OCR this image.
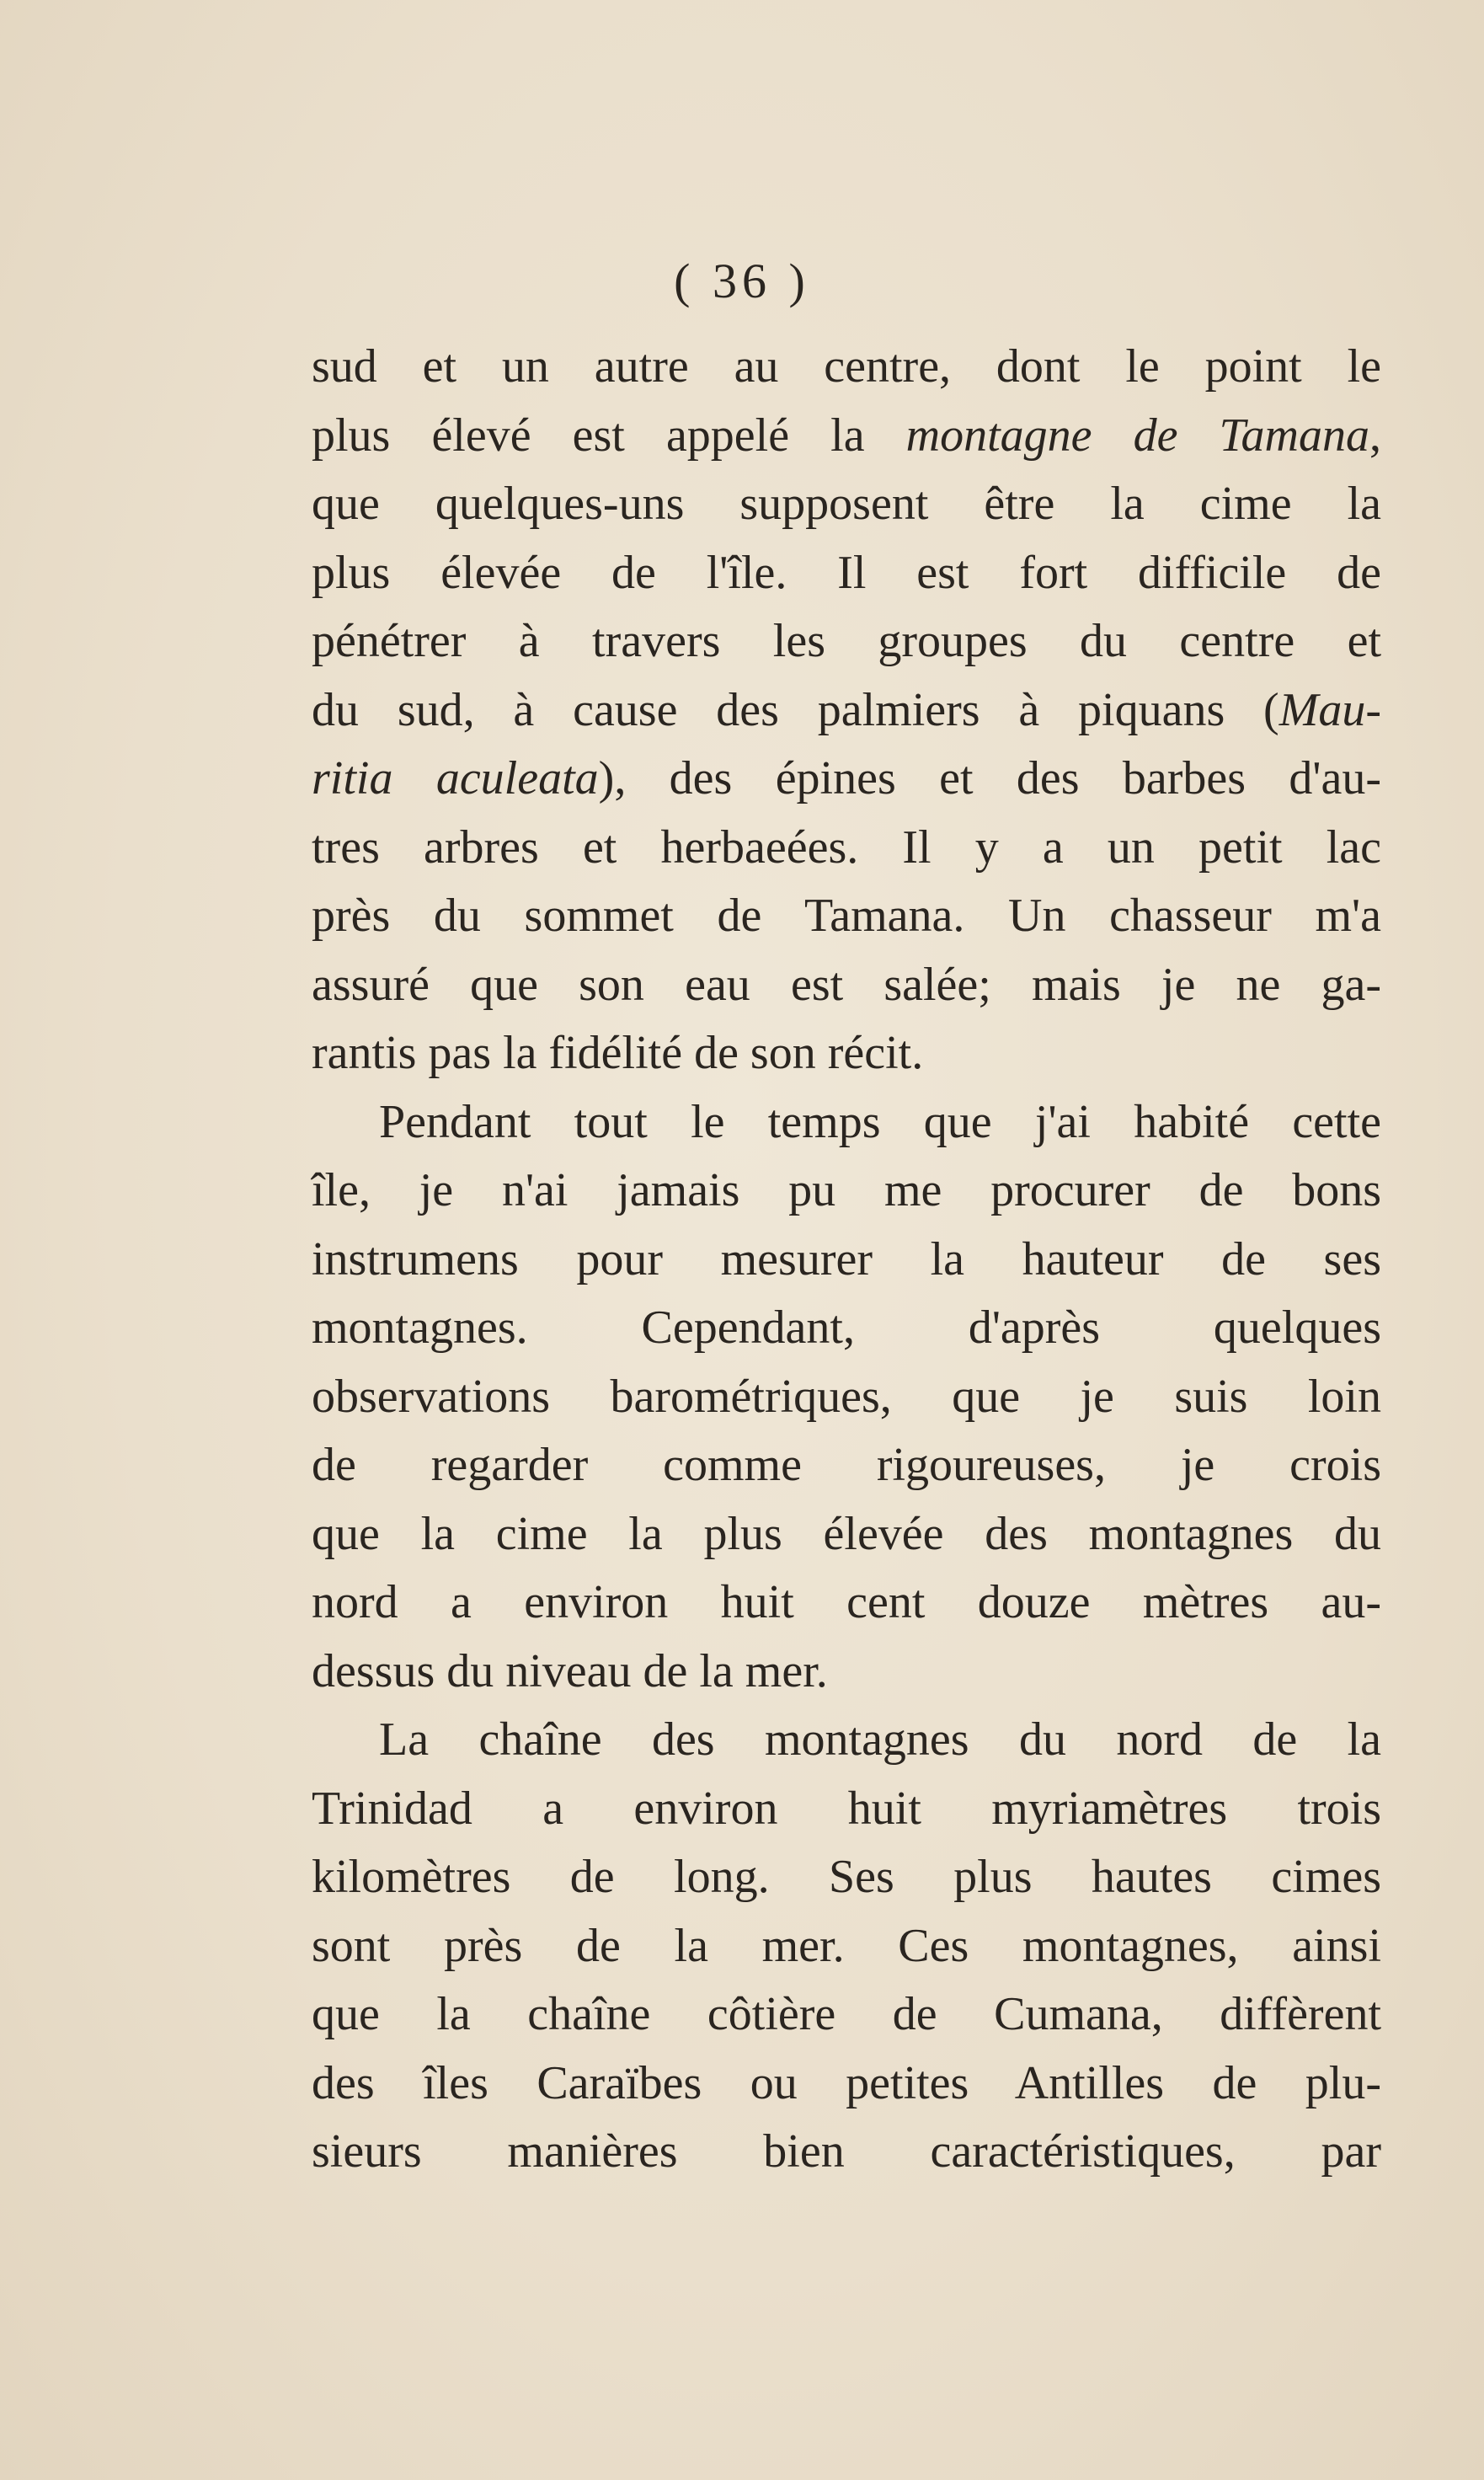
( 36 )
sud et un autre au centre, dont le point le
plus élevé est appelé la montagne de Tamana,
que quelques-uns supposent être la cime la
plus élevée de l'île. Il est fort difficile de
pénétrer à travers les groupes du centre et
du sud, à cause des palmiers à piquans (Mau-
ritia aculeata), des épines et des barbes d'au-
tres arbres et herbaeées. Il y a un petit lac
près du sommet de Tamana. Un chasseur m'a
assuré que son eau est salée; mais je ne ga-
rantis pas la fidélité de son récit.
Pendant tout le temps que j'ai habité cette
île, je n'ai jamais pu me procurer de bons
instrumens pour mesurer la hauteur de ses
montagnes. Cependant, d'après quelques
observations barométriques, que je suis loin
de regarder comme rigoureuses, je crois
que la cime la plus élevée des montagnes du
nord a environ huit cent douze mètres au-
dessus du niveau de la mer.
La chaîne des montagnes du nord de la
Trinidad a environ huit myriamètres trois
kilomètres de long. Ses plus hautes cimes
sont près de la mer. Ces montagnes, ainsi
que la chaîne côtière de Cumana, diffèrent
des îles Caraïbes ou petites Antilles de plu-
sieurs manières bien caractéristiques, par
